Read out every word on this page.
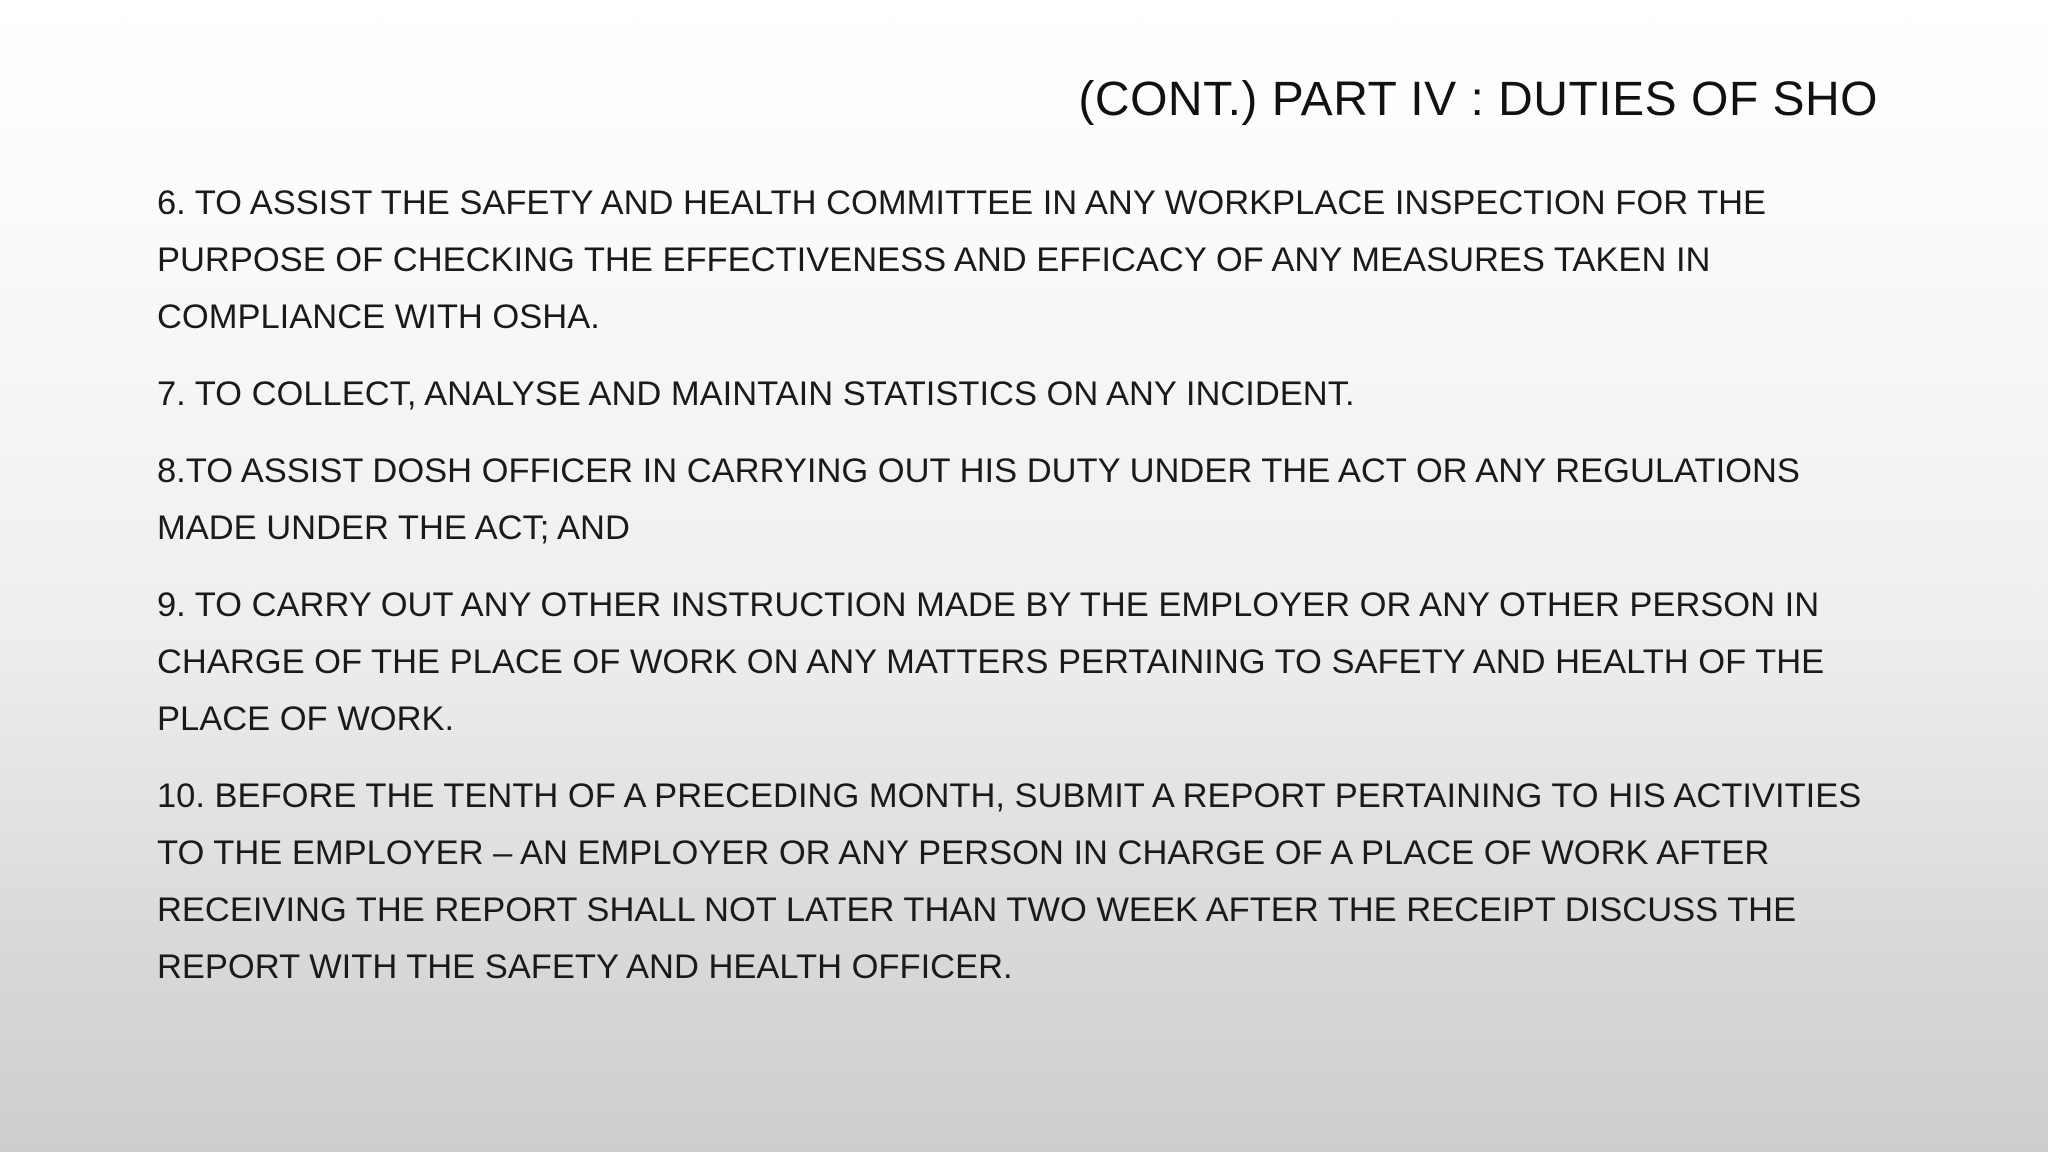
(CONT.) PART IV : DUTIES OF SHO
6. TO ASSIST THE SAFETY AND HEALTH COMMITTEE IN ANY WORKPLACE INSPECTION FOR THE PURPOSE OF CHECKING THE EFFECTIVENESS AND EFFICACY OF ANY MEASURES TAKEN IN COMPLIANCE WITH OSHA.
7. TO COLLECT, ANALYSE AND MAINTAIN STATISTICS ON ANY INCIDENT.
8.TO ASSIST DOSH OFFICER IN CARRYING OUT HIS DUTY UNDER THE ACT OR ANY REGULATIONS MADE UNDER THE ACT; AND
9. TO CARRY OUT ANY OTHER INSTRUCTION MADE BY THE EMPLOYER OR ANY OTHER PERSON IN CHARGE OF THE PLACE OF WORK ON ANY MATTERS PERTAINING TO SAFETY AND HEALTH OF THE PLACE OF WORK.
10. BEFORE THE TENTH OF A PRECEDING MONTH, SUBMIT A REPORT PERTAINING TO HIS ACTIVITIES TO THE EMPLOYER – AN EMPLOYER OR ANY PERSON IN CHARGE OF A PLACE OF WORK AFTER RECEIVING THE REPORT SHALL NOT LATER THAN TWO WEEK AFTER THE RECEIPT DISCUSS THE REPORT WITH THE SAFETY AND HEALTH OFFICER.
